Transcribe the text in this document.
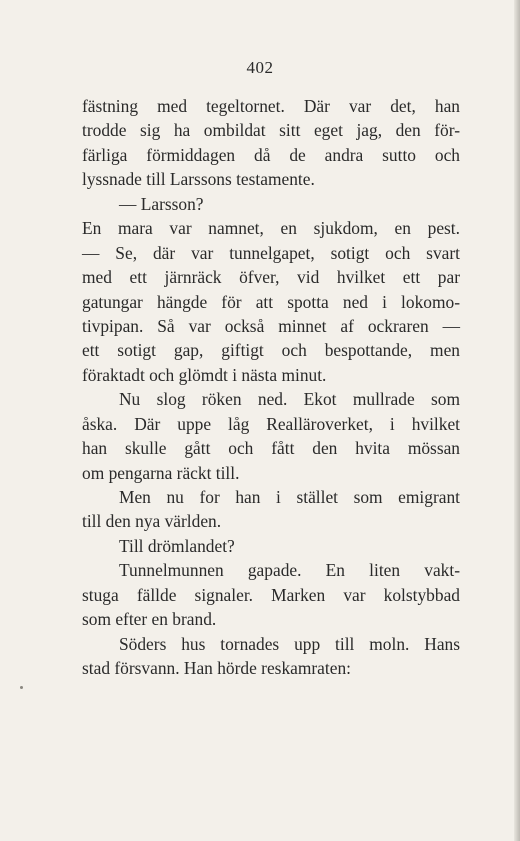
402
fästning med tegeltornet. Där var det, han
trodde sig ha ombildat sitt eget jag, den för-
färliga förmiddagen då de andra sutto och
lyssnade till Larssons testamente.
— Larsson?
En mara var namnet, en sjukdom, en pest.
— Se, där var tunnelgapet, sotigt och svart
med ett järnräck öfver, vid hvilket ett par
gatungar hängde för att spotta ned i lokomo-
tivpipan. Så var också minnet af ockraren —
ett sotigt gap, giftigt och bespottande, men
föraktadt och glömdt i nästa minut.
Nu slog röken ned. Ekot mullrade som
åska. Där uppe låg Realläroverket, i hvilket
han skulle gått och fått den hvita mössan
om pengarna räckt till.
Men nu for han i stället som emigrant
till den nya världen.
Till drömlandet?
Tunnelmunnen gapade. En liten vakt-
stuga fällde signaler. Marken var kolstybbad
som efter en brand.
Söders hus tornades upp till moln. Hans
stad försvann. Han hörde reskamraten:
